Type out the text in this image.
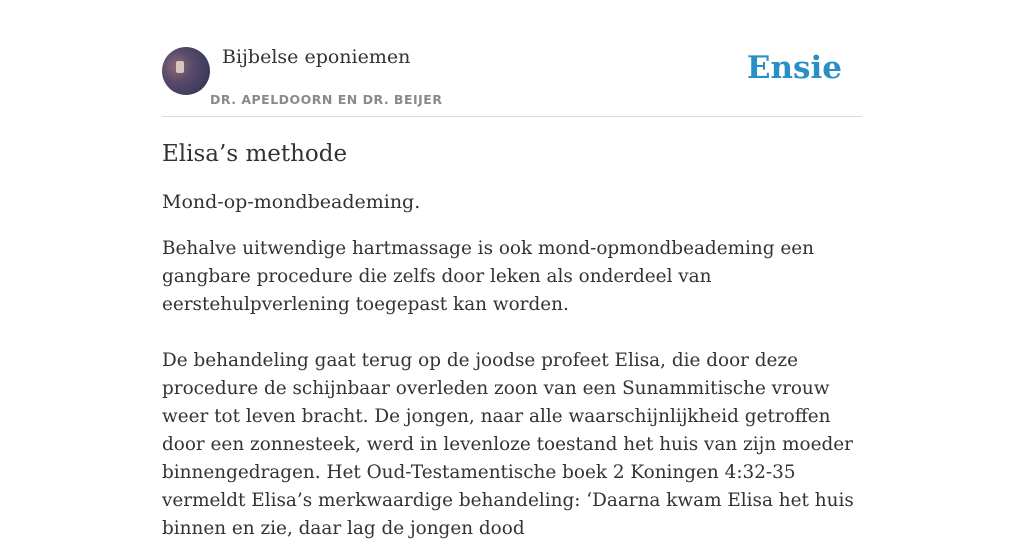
Bijbelse eponiemen
DR. APELDOORN EN DR. BEIJER
Ensie
Elisa’s methode

Mond-op-mondbeademing.

Behalve uitwendige hartmassage is ook mond-opmondbeademing een gangbare procedure die zelfs door leken als onderdeel van eerstehulpverlening toegepast kan worden.

De behandeling gaat terug op de joodse profeet Elisa, die door deze procedure de schijnbaar overleden zoon van een Sunammitische vrouw weer tot leven bracht. De jongen, naar alle waarschijnlijkheid getroffen door een zonnesteek, werd in levenloze toestand het huis van zijn moeder binnengedragen. Het Oud-Testamentische boek 2 Koningen 4:32-35 vermeldt Elisa’s merkwaardige behandeling: ‘Daarna kwam Elisa het huis binnen en zie, daar lag de jongen dood
